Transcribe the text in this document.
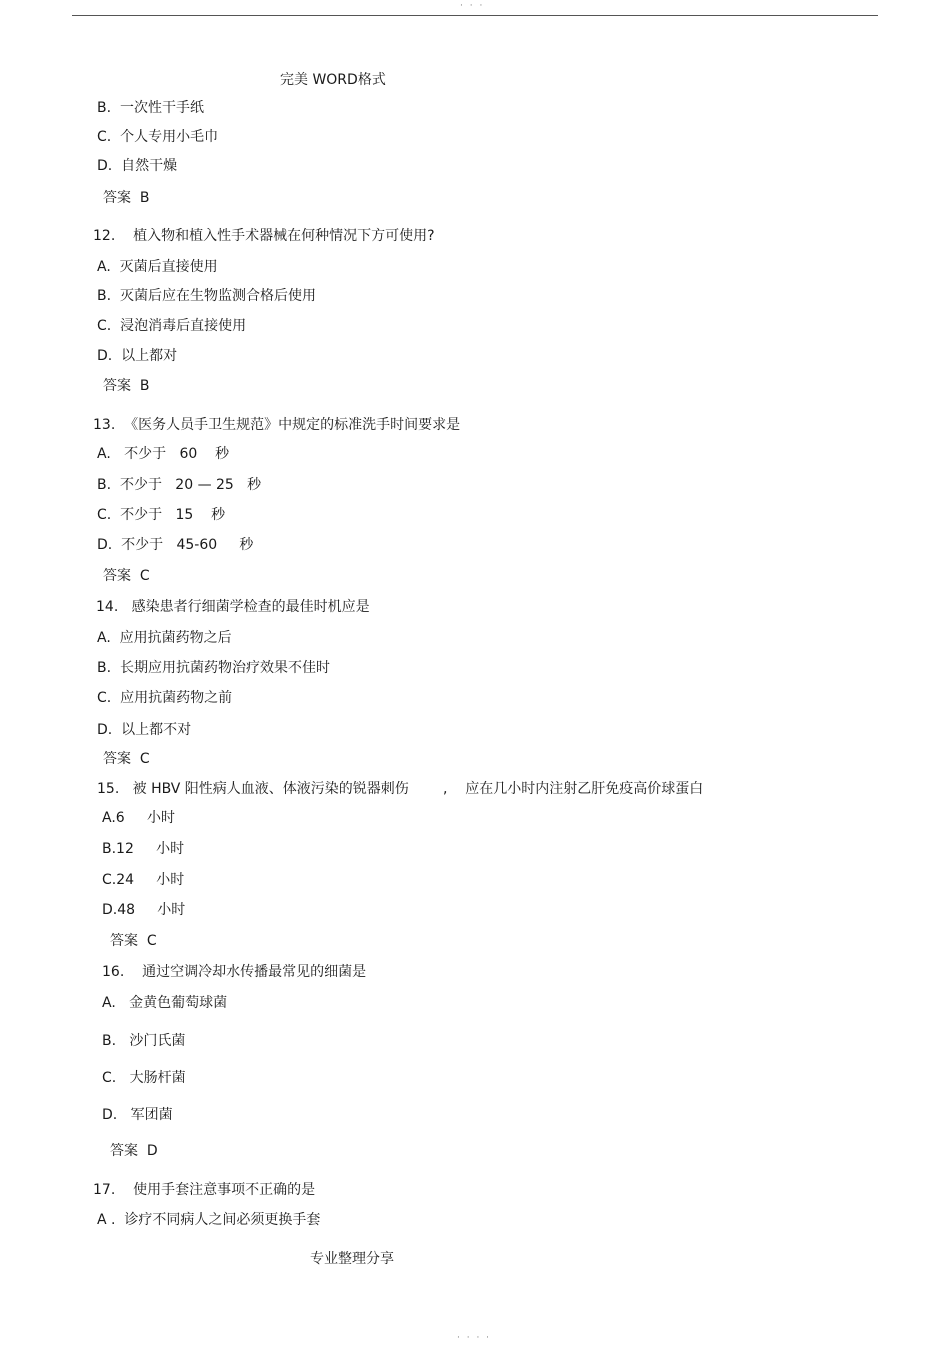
· · ·
完美 WORD格式
B.  一次性干手纸
C.  个人专用小毛巾
D.  自然干燥
答案  B
12.    植入物和植入性手术器械在何种情况下方可使用?
A.  灭菌后直接使用
B.  灭菌后应在生物监测合格后使用
C.  浸泡消毒后直接使用
D.  以上都对
答案  B
13.  《医务人员手卫生规范》中规定的标准洗手时间要求是
A.   不少于   60    秒
B.  不少于   20 — 25   秒
C.  不少于   15    秒
D.  不少于   45-60     秒
答案  C
14.   感染患者行细菌学检查的最佳时机应是
A.  应用抗菌药物之后
B.  长期应用抗菌药物治疗效果不佳时
C.  应用抗菌药物之前
D.  以上都不对
答案  C
15.   被 HBV 阳性病人血液、体液污染的锐器刺伤 ,    应在几小时内注射乙肝免疫高价球蛋白
A.6     小时
B.12     小时
C.24     小时
D.48     小时
答案  C
16.    通过空调冷却水传播最常见的细菌是
A.   金黄色葡萄球菌
B.   沙门氏菌
C.   大肠杆菌
D.   军团菌
答案  D
17.    使用手套注意事项不正确的是
A .  诊疗不同病人之间必须更换手套
专业整理分享
· · · ·
